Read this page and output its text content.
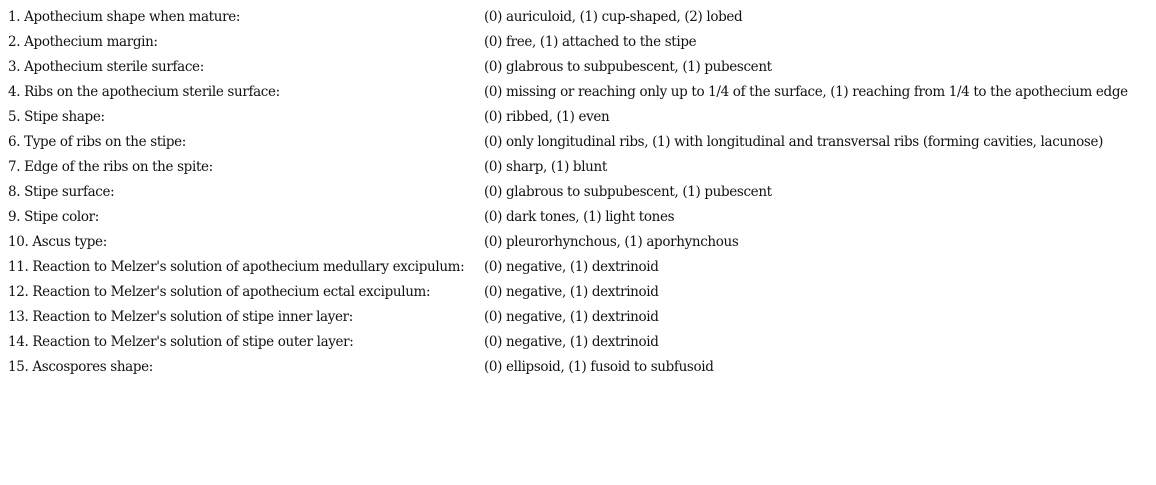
1. Apothecium shape when mature:	(0) auriculoid, (1) cup-shaped, (2) lobed
2. Apothecium margin:	(0) free, (1) attached to the stipe
3. Apothecium sterile surface:	(0) glabrous to subpubescent, (1) pubescent
4. Ribs on the apothecium sterile surface:	(0) missing or reaching only up to 1/4 of the surface, (1) reaching from 1/4 to the apothecium edge
5. Stipe shape:	(0) ribbed, (1) even
6. Type of ribs on the stipe:	(0) only longitudinal ribs, (1) with longitudinal and transversal ribs (forming cavities, lacunose)
7. Edge of the ribs on the spite:	(0) sharp, (1) blunt
8. Stipe surface:	(0) glabrous to subpubescent, (1) pubescent
9. Stipe color:	(0) dark tones, (1) light tones
10. Ascus type:	(0) pleurorhynchous, (1) aporhynchous
11. Reaction to Melzer's solution of apothecium medullary excipulum:	(0) negative, (1) dextrinoid
12. Reaction to Melzer's solution of apothecium ectal excipulum:	(0) negative, (1) dextrinoid
13. Reaction to Melzer's solution of stipe inner layer:	(0) negative, (1) dextrinoid
14. Reaction to Melzer's solution of stipe outer layer:	(0) negative, (1) dextrinoid
15. Ascospores shape:	(0) ellipsoid, (1) fusoid to subfusoid
